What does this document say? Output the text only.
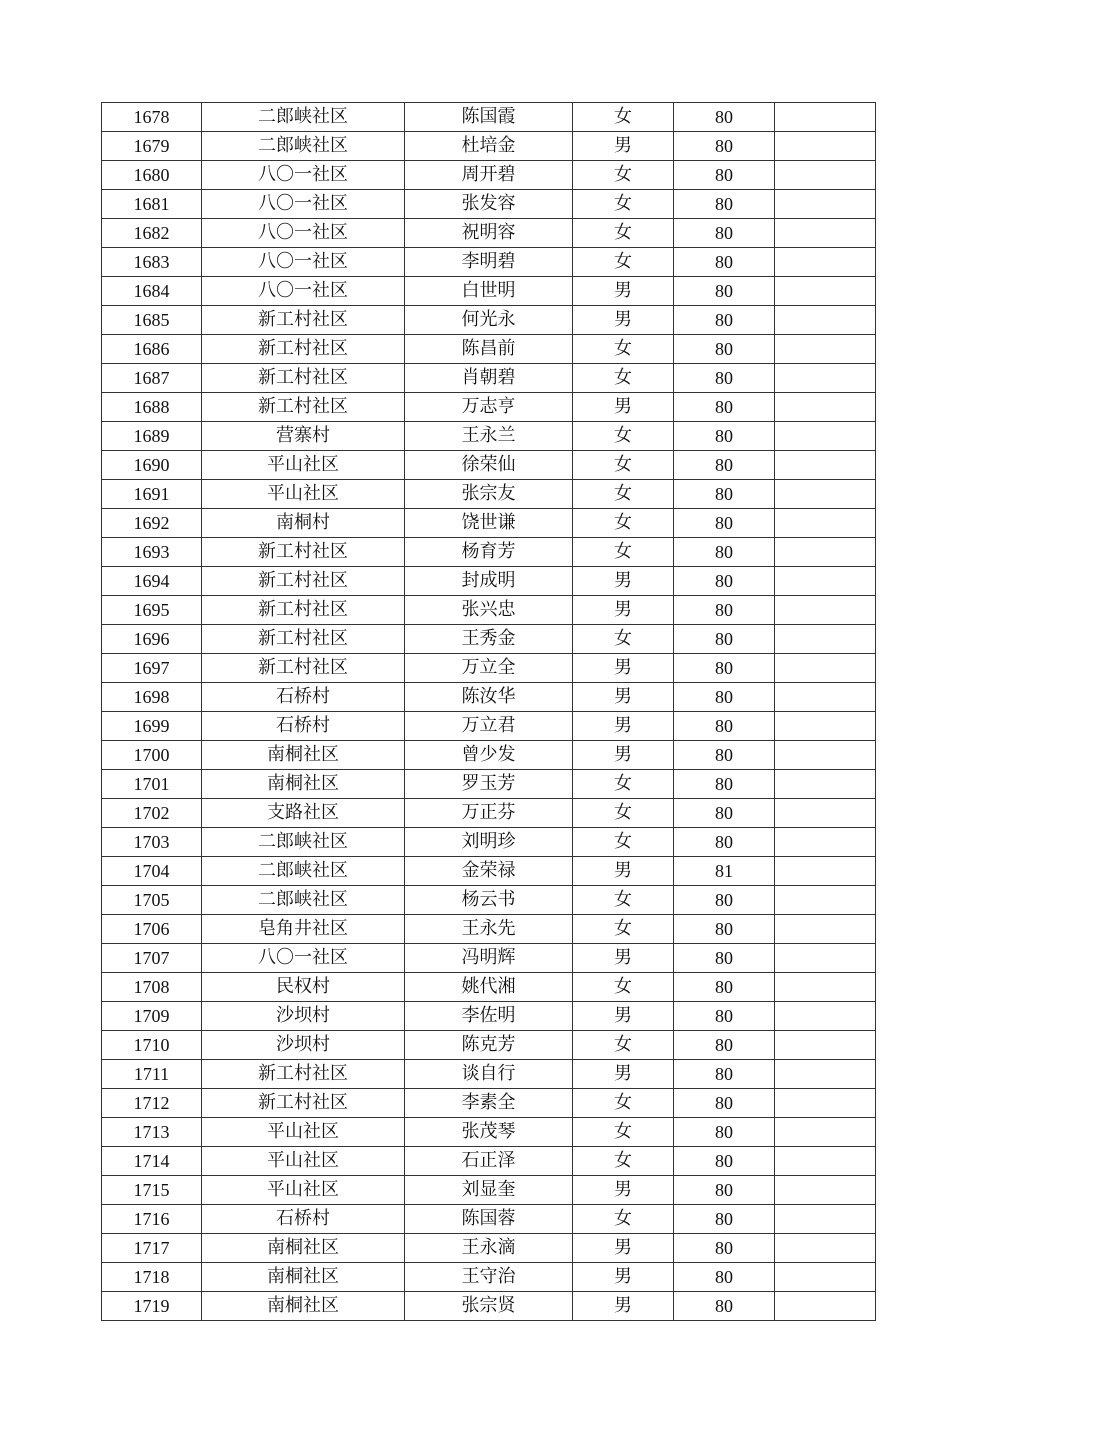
1678	二郎峡社区	陈国霞	女	80	
1679	二郎峡社区	杜培金	男	80	
1680	八〇一社区	周开碧	女	80	
1681	八〇一社区	张发容	女	80	
1682	八〇一社区	祝明容	女	80	
1683	八〇一社区	李明碧	女	80	
1684	八〇一社区	白世明	男	80	
1685	新工村社区	何光永	男	80	
1686	新工村社区	陈昌前	女	80	
1687	新工村社区	肖朝碧	女	80	
1688	新工村社区	万志亨	男	80	
1689	营寨村	王永兰	女	80	
1690	平山社区	徐荣仙	女	80	
1691	平山社区	张宗友	女	80	
1692	南桐村	饶世谦	女	80	
1693	新工村社区	杨育芳	女	80	
1694	新工村社区	封成明	男	80	
1695	新工村社区	张兴忠	男	80	
1696	新工村社区	王秀金	女	80	
1697	新工村社区	万立全	男	80	
1698	石桥村	陈汝华	男	80	
1699	石桥村	万立君	男	80	
1700	南桐社区	曾少发	男	80	
1701	南桐社区	罗玉芳	女	80	
1702	支路社区	万正芬	女	80	
1703	二郎峡社区	刘明珍	女	80	
1704	二郎峡社区	金荣禄	男	81	
1705	二郎峡社区	杨云书	女	80	
1706	皂角井社区	王永先	女	80	
1707	八〇一社区	冯明辉	男	80	
1708	民权村	姚代湘	女	80	
1709	沙坝村	李佐明	男	80	
1710	沙坝村	陈克芳	女	80	
1711	新工村社区	谈自行	男	80	
1712	新工村社区	李素全	女	80	
1713	平山社区	张茂琴	女	80	
1714	平山社区	石正泽	女	80	
1715	平山社区	刘显奎	男	80	
1716	石桥村	陈国蓉	女	80	
1717	南桐社区	王永滴	男	80	
1718	南桐社区	王守治	男	80	
1719	南桐社区	张宗贤	男	80	
